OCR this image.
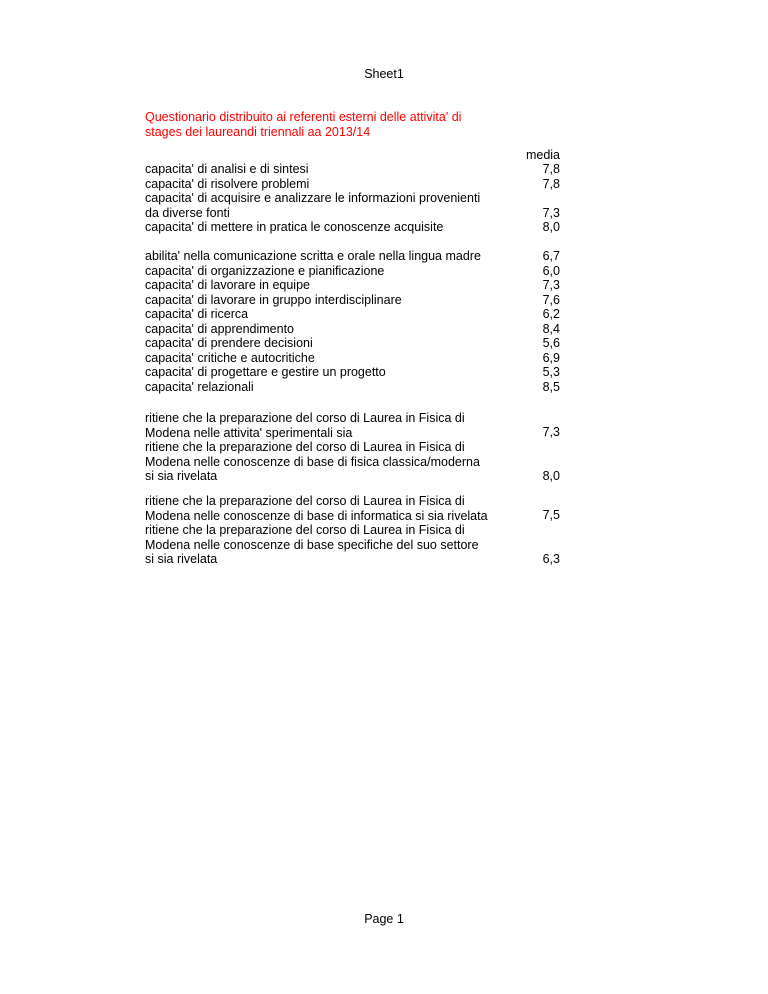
Sheet1
Questionario distribuito ai referenti esterni delle attivita' di
stages dei laureandi triennali aa 2013/14
media
capacita' di analisi e di sintesi	7,8
capacita' di risolvere problemi	7,8
capacita' di acquisire e analizzare le informazioni provenienti
da diverse fonti	7,3
capacita' di mettere in pratica le conoscenze acquisite	8,0
abilita' nella comunicazione scritta e orale nella lingua madre	6,7
capacita' di organizzazione e pianificazione	6,0
capacita' di lavorare in equipe	7,3
capacita' di lavorare in gruppo interdisciplinare	7,6
capacita' di ricerca	6,2
capacita' di apprendimento	8,4
capacita' di prendere decisioni	5,6
capacita' critiche e autocritiche	6,9
capacita' di progettare e gestire un progetto	5,3
capacita' relazionali	8,5
ritiene che la preparazione del corso di Laurea in Fisica di
Modena nelle attivita' sperimentali sia	7,3
ritiene che la preparazione del corso di Laurea in Fisica di
Modena nelle conoscenze di base di fisica classica/moderna
si sia rivelata	8,0
ritiene che la preparazione del corso di Laurea in Fisica di
Modena nelle conoscenze di base di informatica si sia rivelata	7,5
ritiene che la preparazione del corso di Laurea in Fisica di
Modena nelle conoscenze di base specifiche del suo settore
si sia rivelata	6,3
Page 1
